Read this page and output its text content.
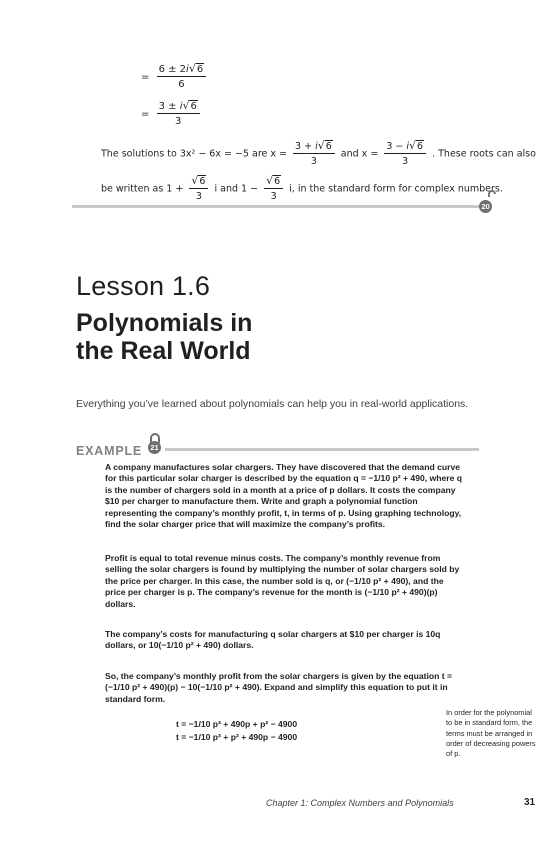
= $\frac{6 \pm 2i √ 6}{6}$
= $\frac{3 \pm i √ 6}{3}$
The solutions to 3x² − 6x = −5 are $x = \frac{3 + i √ 6}{3}$ and $x = \frac{3 - i √ 6}{3}$ . These roots can also
be written as $1 + \frac{√ 6}{3}$ i and $1 - \frac{√ 6}{3} i$, in the standard form for complex numbers.
20
Lesson 1.6
Polynomials in
the Real World
Everything you’ve learned about polynomials can help you in real-world applications.
EXAMPLE	21
A company manufactures solar chargers. They have discovered that the demand curve for this particular solar charger is described by the equation q = −1/10 p² + 490, where q is the number of chargers sold in a month at a price of p dollars. It costs the company $10 per charger to manufacture them. Write and graph a polynomial function representing the company’s monthly profit, t, in terms of p. Using graphing technology, find the solar charger price that will maximize the company’s profits.
Profit is equal to total revenue minus costs. The company’s monthly revenue from selling the solar chargers is found by multiplying the number of solar chargers sold by the price per charger. In this case, the number sold is q, or (−1/10 p² + 490), and the price per charger is p. The company’s revenue for the month is (−1/10 p² + 490)(p) dollars.
The company’s costs for manufacturing q solar chargers at $10 per charger is 10q dollars, or 10(−1/10 p² + 490) dollars.
So, the company’s monthly profit from the solar chargers is given by the equation t = (−1/10 p² + 490)(p) − 10(−1/10 p² + 490). Expand and simplify this equation to put it in standard form.
t = −1/10 p³ + 490p + p² − 4900
t = −1/10 p³ + p² + 490p − 4900
In order for the polynomial to be in standard form, the terms must be arranged in order of decreasing powers of p.
Chapter 1: Complex Numbers and Polynomials	31
